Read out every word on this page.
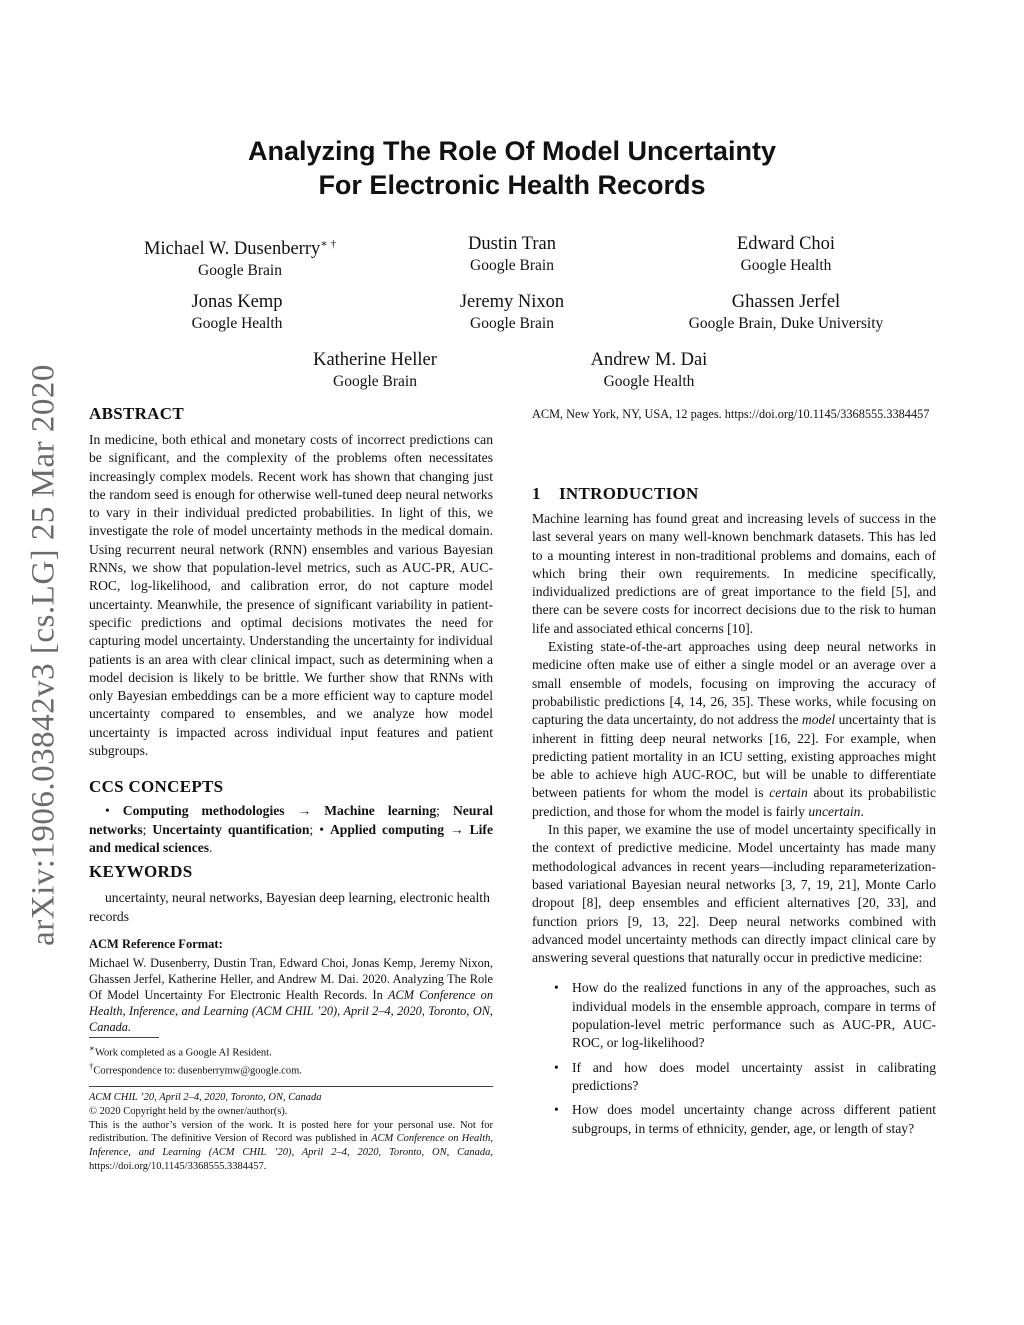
arXiv:1906.03842v3 [cs.LG] 25 Mar 2020
Analyzing The Role Of Model Uncertainty
For Electronic Health Records
Michael W. Dusenberry∗ †
Google Brain
Dustin Tran
Google Brain
Edward Choi
Google Health
Jonas Kemp
Google Health
Jeremy Nixon
Google Brain
Ghassen Jerfel
Google Brain, Duke University
Katherine Heller
Google Brain
Andrew M. Dai
Google Health
ABSTRACT

In medicine, both ethical and monetary costs of incorrect predictions can be significant, and the complexity of the problems often necessitates increasingly complex models. Recent work has shown that changing just the random seed is enough for otherwise well-tuned deep neural networks to vary in their individual predicted probabilities. In light of this, we investigate the role of model uncertainty methods in the medical domain. Using recurrent neural network (RNN) ensembles and various Bayesian RNNs, we show that population-level metrics, such as AUC-PR, AUC-ROC, log-likelihood, and calibration error, do not capture model uncertainty. Meanwhile, the presence of significant variability in patient-specific predictions and optimal decisions motivates the need for capturing model uncertainty. Understanding the uncertainty for individual patients is an area with clear clinical impact, such as determining when a model decision is likely to be brittle. We further show that RNNs with only Bayesian embeddings can be a more efficient way to capture model uncertainty compared to ensembles, and we analyze how model uncertainty is impacted across individual input features and patient subgroups.

CCS CONCEPTS

• Computing methodologies → Machine learning; Neural networks; Uncertainty quantification; • Applied computing → Life and medical sciences.

KEYWORDS

uncertainty, neural networks, Bayesian deep learning, electronic health records

ACM Reference Format:

Michael W. Dusenberry, Dustin Tran, Edward Choi, Jonas Kemp, Jeremy Nixon, Ghassen Jerfel, Katherine Heller, and Andrew M. Dai. 2020. Analyzing The Role Of Model Uncertainty For Electronic Health Records. In ACM Conference on Health, Inference, and Learning (ACM CHIL ’20), April 2–4, 2020, Toronto, ON, Canada.

∗Work completed as a Google AI Resident.
†Correspondence to: dusenberrymw@google.com.
ACM CHIL ’20, April 2–4, 2020, Toronto, ON, Canada
© 2020 Copyright held by the owner/author(s).
This is the author’s version of the work. It is posted here for your personal use. Not for redistribution. The definitive Version of Record was published in ACM Conference on Health, Inference, and Learning (ACM CHIL ’20), April 2–4, 2020, Toronto, ON, Canada, https://doi.org/10.1145/3368555.3384457.
ACM, New York, NY, USA, 12 pages. https://doi.org/10.1145/3368555.3384457
1 INTRODUCTION

Machine learning has found great and increasing levels of success in the last several years on many well-known benchmark datasets. This has led to a mounting interest in non-traditional problems and domains, each of which bring their own requirements. In medicine specifically, individualized predictions are of great importance to the field [5], and there can be severe costs for incorrect decisions due to the risk to human life and associated ethical concerns [10].

Existing state-of-the-art approaches using deep neural networks in medicine often make use of either a single model or an average over a small ensemble of models, focusing on improving the accuracy of probabilistic predictions [4, 14, 26, 35]. These works, while focusing on capturing the data uncertainty, do not address the model uncertainty that is inherent in fitting deep neural networks [16, 22]. For example, when predicting patient mortality in an ICU setting, existing approaches might be able to achieve high AUC-ROC, but will be unable to differentiate between patients for whom the model is certain about its probabilistic prediction, and those for whom the model is fairly uncertain.

In this paper, we examine the use of model uncertainty specifically in the context of predictive medicine. Model uncertainty has made many methodological advances in recent years—including reparameterization-based variational Bayesian neural networks [3, 7, 19, 21], Monte Carlo dropout [8], deep ensembles and efficient alternatives [20, 33], and function priors [9, 13, 22]. Deep neural networks combined with advanced model uncertainty methods can directly impact clinical care by answering several questions that naturally occur in predictive medicine:

• How do the realized functions in any of the approaches, such as individual models in the ensemble approach, compare in terms of population-level metric performance such as AUC-PR, AUC-ROC, or log-likelihood?
• If and how does model uncertainty assist in calibrating predictions?
• How does model uncertainty change across different patient subgroups, in terms of ethnicity, gender, age, or length of stay?
